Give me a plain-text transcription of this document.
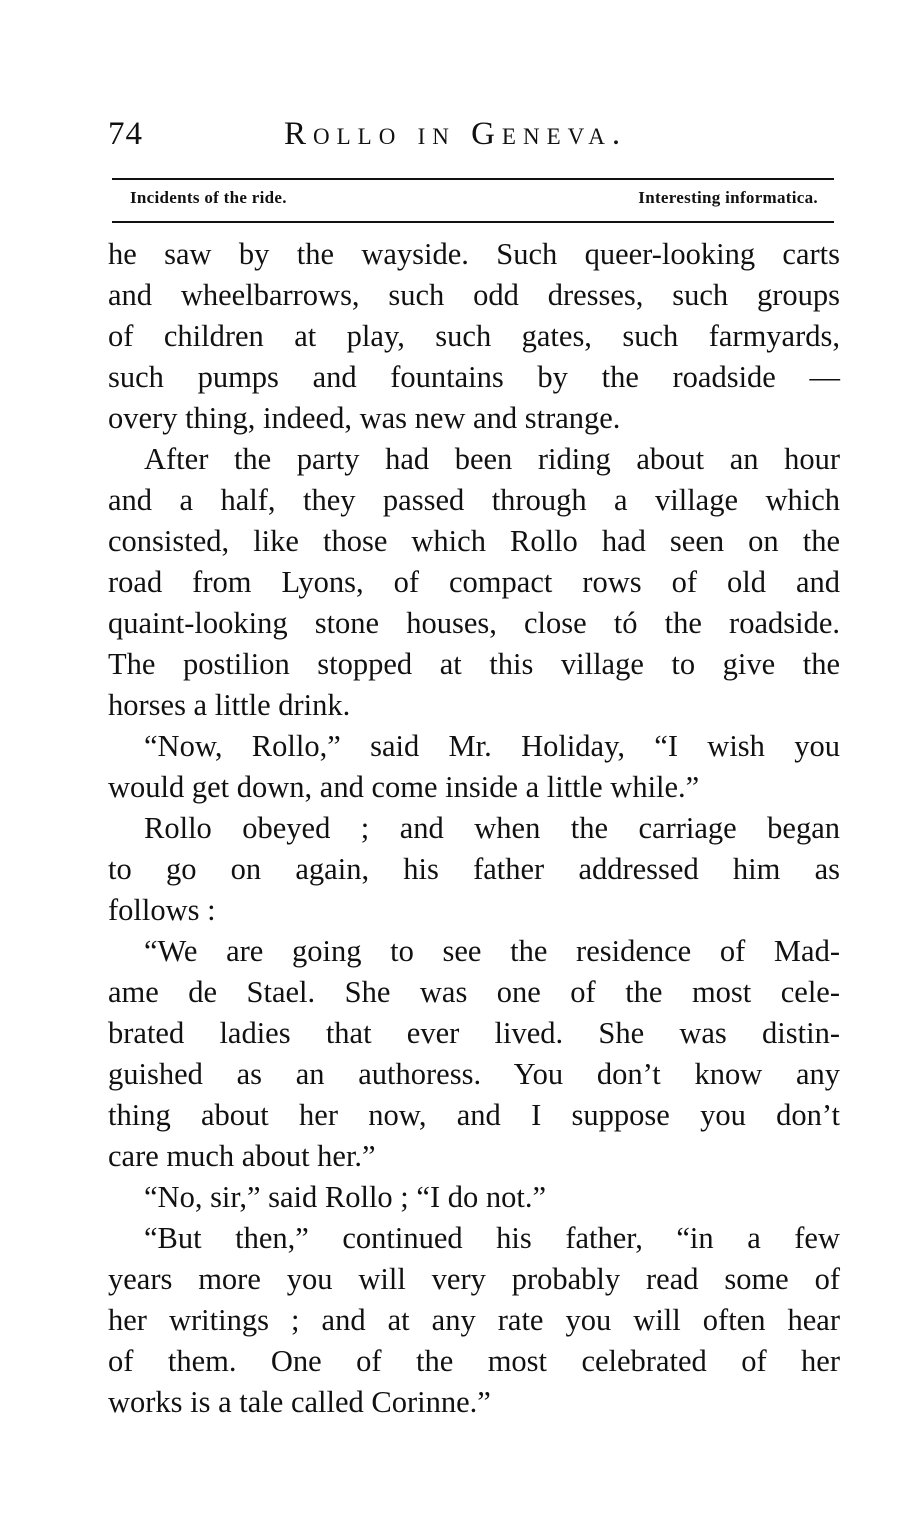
74	Rollo in Geneva.
Incidents of the ride.	Interesting informatica.
he saw by the wayside. Such queer-looking carts
and wheelbarrows, such odd dresses, such groups
of children at play, such gates, such farmyards,
such pumps and fountains by the roadside —
overy thing, indeed, was new and strange.
After the party had been riding about an hour
and a half, they passed through a village which
consisted, like those which Rollo had seen on the
road from Lyons, of compact rows of old and
quaint-looking stone houses, close tó the roadside.
The postilion stopped at this village to give the
horses a little drink.
“Now, Rollo,” said Mr. Holiday, “I wish you
would get down, and come inside a little while.”
Rollo obeyed ; and when the carriage began
to go on again, his father addressed him as
follows :
“We are going to see the residence of Mad-
ame de Stael. She was one of the most cele-
brated ladies that ever lived. She was distin-
guished as an authoress. You don’t know any
thing about her now, and I suppose you don’t
care much about her.”
“No, sir,” said Rollo ; “I do not.”
“But then,” continued his father, “in a few
years more you will very probably read some of
her writings ; and at any rate you will often hear
of them. One of the most celebrated of her
works is a tale called Corinne.”
